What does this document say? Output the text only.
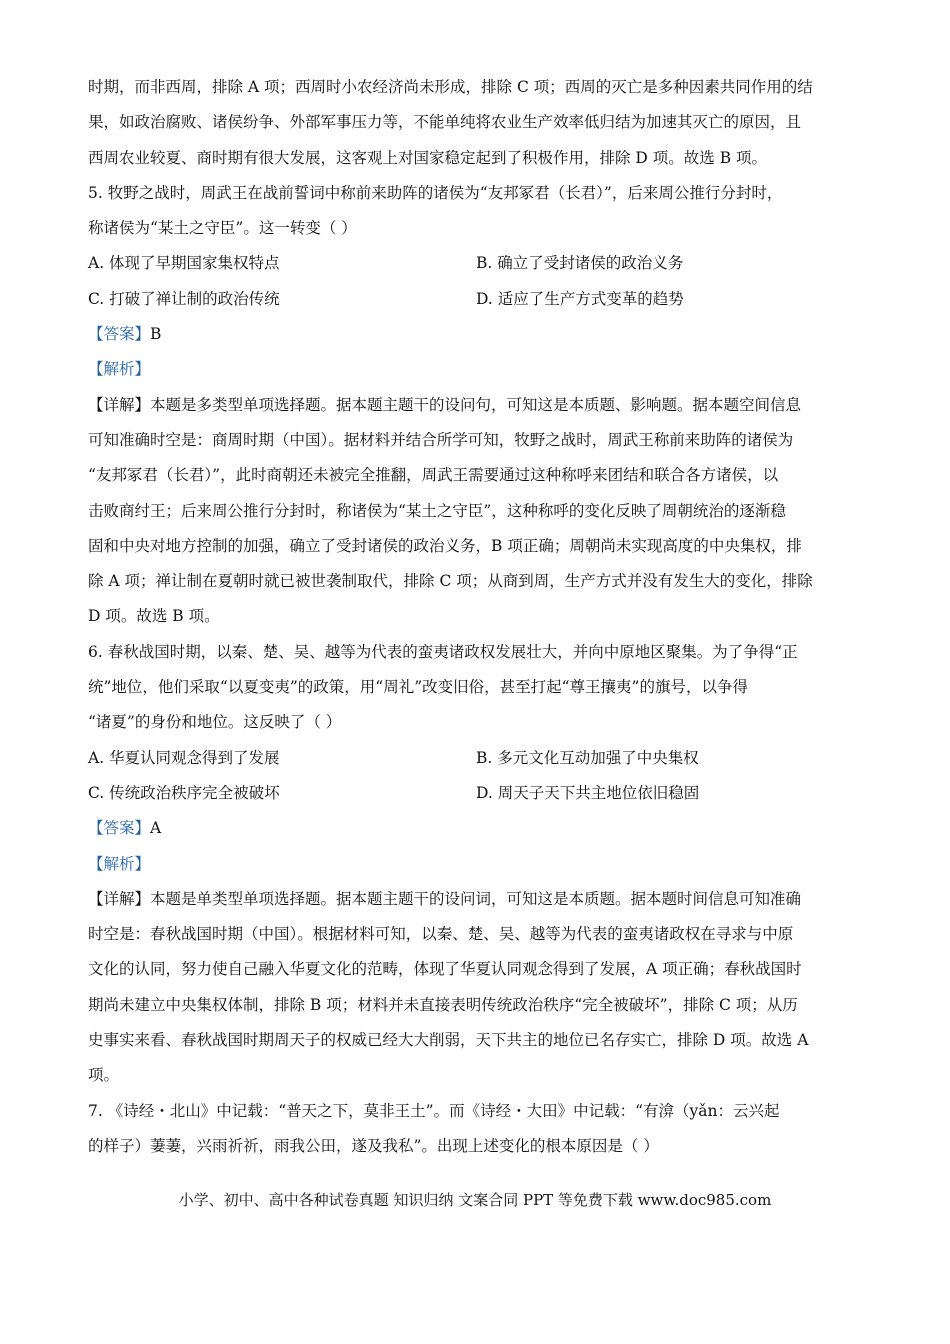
时期，而非西周，排除 A 项；西周时小农经济尚未形成，排除 C 项；西周的灭亡是多种因素共同作用的结
果，如政治腐败、诸侯纷争、外部军事压力等，不能单纯将农业生产效率低归结为加速其灭亡的原因，且
西周农业较夏、商时期有很大发展，这客观上对国家稳定起到了积极作用，排除 D 项。故选 B 项。
5. 牧野之战时，周武王在战前誓词中称前来助阵的诸侯为“友邦冢君（长君）”，后来周公推行分封时，
称诸侯为“某土之守臣”。这一转变（ ）
A. 体现了早期国家集权特点	B. 确立了受封诸侯的政治义务
C. 打破了禅让制的政治传统	D. 适应了生产方式变革的趋势
【答案】B
【解析】
【详解】本题是多类型单项选择题。据本题主题干的设问句，可知这是本质题、影响题。据本题空间信息
可知准确时空是：商周时期（中国）。据材料并结合所学可知，牧野之战时，周武王称前来助阵的诸侯为
“友邦冢君（长君）”，此时商朝还未被完全推翻，周武王需要通过这种称呼来团结和联合各方诸侯，以
击败商纣王；后来周公推行分封时，称诸侯为“某土之守臣”，这种称呼的变化反映了周朝统治的逐渐稳
固和中央对地方控制的加强，确立了受封诸侯的政治义务，B 项正确；周朝尚未实现高度的中央集权，排
除 A 项；禅让制在夏朝时就已被世袭制取代，排除 C 项；从商到周，生产方式并没有发生大的变化，排除
D 项。故选 B 项。
6. 春秋战国时期，以秦、楚、吴、越等为代表的蛮夷诸政权发展壮大，并向中原地区聚集。为了争得“正
统”地位，他们采取“以夏变夷”的政策，用“周礼”改变旧俗，甚至打起“尊王攘夷”的旗号，以争得
“诸夏”的身份和地位。这反映了（ ）
A. 华夏认同观念得到了发展	B. 多元文化互动加强了中央集权
C. 传统政治秩序完全被破坏	D. 周天子天下共主地位依旧稳固
【答案】A
【解析】
【详解】本题是单类型单项选择题。据本题主题干的设问词，可知这是本质题。据本题时间信息可知准确
时空是：春秋战国时期（中国）。根据材料可知，以秦、楚、吴、越等为代表的蛮夷诸政权在寻求与中原
文化的认同，努力使自己融入华夏文化的范畴，体现了华夏认同观念得到了发展，A 项正确；春秋战国时
期尚未建立中央集权体制，排除 B 项；材料并未直接表明传统政治秩序“完全被破坏”，排除 C 项；从历
史事实来看、春秋战国时期周天子的权威已经大大削弱，天下共主的地位已名存实亡，排除 D 项。故选 A
项。
7. 《诗经・北山》中记载：“普天之下，莫非王土”。而《诗经・大田》中记载：“有渰（yǎn：云兴起
的样子）萋萋，兴雨祈祈，雨我公田，遂及我私”。出现上述变化的根本原因是（ ）
小学、初中、高中各种试卷真题 知识归纳 文案合同 PPT 等免费下载 www.doc985.com
